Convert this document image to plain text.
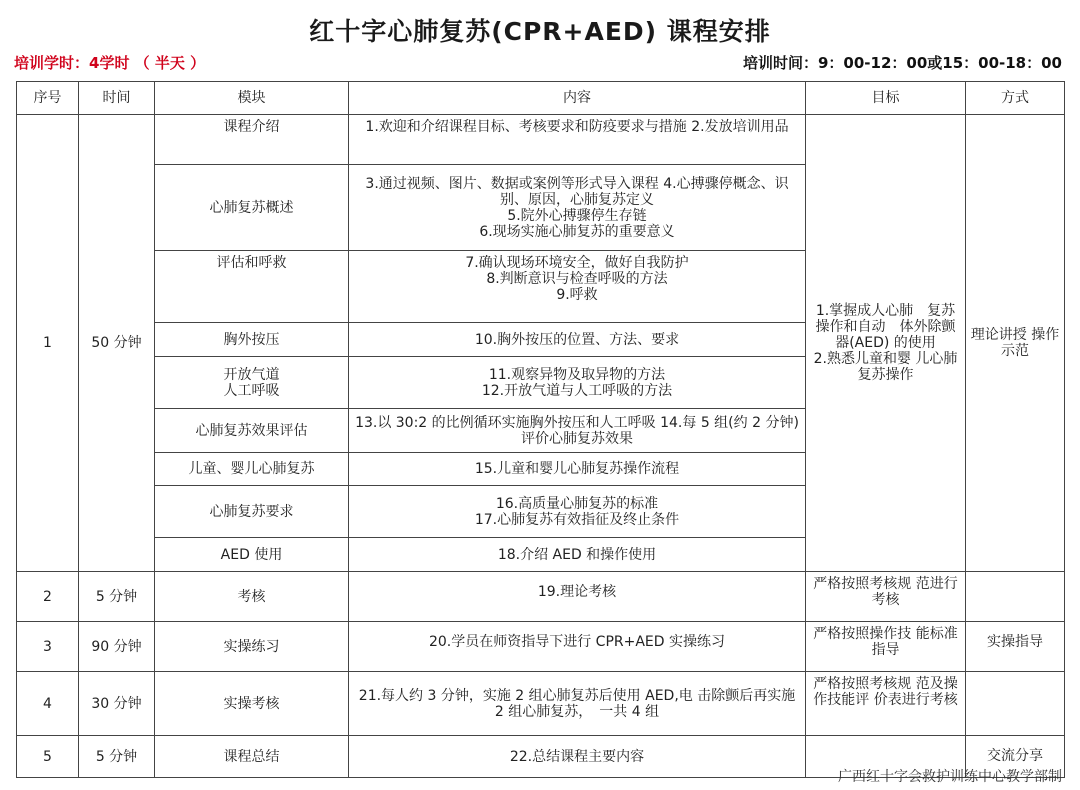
红十字心肺复苏(CPR+AED) 课程安排
培训学时：4学时 （ 半天 ）	培训时间：9：00-12：00或15：00-18：00
序号	时间	模块	内容	目标	方式
1	50 分钟	课程介绍	1.欢迎和介绍课程目标、考核要求和防疫要求与措施 2.发放培训用品	1.掌握成人心肺　复苏操作和自动　体外除颤器(AED) 的使用
2.熟悉儿童和婴 儿心肺复苏操作	理论讲授 操作示范
		心肺复苏概述	3.通过视频、图片、数据或案例等形式导入课程 4.心搏骤停概念、识别、原因，心肺复苏定义
5.院外心搏骤停生存链
6.现场实施心肺复苏的重要意义		
		评估和呼救	7.确认现场环境安全，做好自我防护
8.判断意识与检查呼吸的方法
9.呼救		
		胸外按压	10.胸外按压的位置、方法、要求		
		开放气道
人工呼吸	11.观察异物及取异物的方法
12.开放气道与人工呼吸的方法		
		心肺复苏效果评估	13.以 30:2 的比例循环实施胸外按压和人工呼吸 14.每 5 组(约 2 分钟)评价心肺复苏效果		
		儿童、婴儿心肺复苏	15.儿童和婴儿心肺复苏操作流程		
		心肺复苏要求	16.高质量心肺复苏的标准
17.心肺复苏有效指征及终止条件		
		AED 使用	18.介绍 AED 和操作使用		
2	5 分钟	考核	19.理论考核	严格按照考核规 范进行考核	
3	90 分钟	实操练习	20.学员在师资指导下进行 CPR+AED 实操练习	严格按照操作技 能标准指导	实操指导
4	30 分钟	实操考核	21.每人约 3 分钟，实施 2 组心肺复苏后使用 AED,电 击除颤后再实施 2 组心肺复苏，　一共 4 组	严格按照考核规 范及操作技能评 价表进行考核	
5	5 分钟	课程总结	22.总结课程主要内容		交流分享
广西红十字会救护训练中心教学部制
